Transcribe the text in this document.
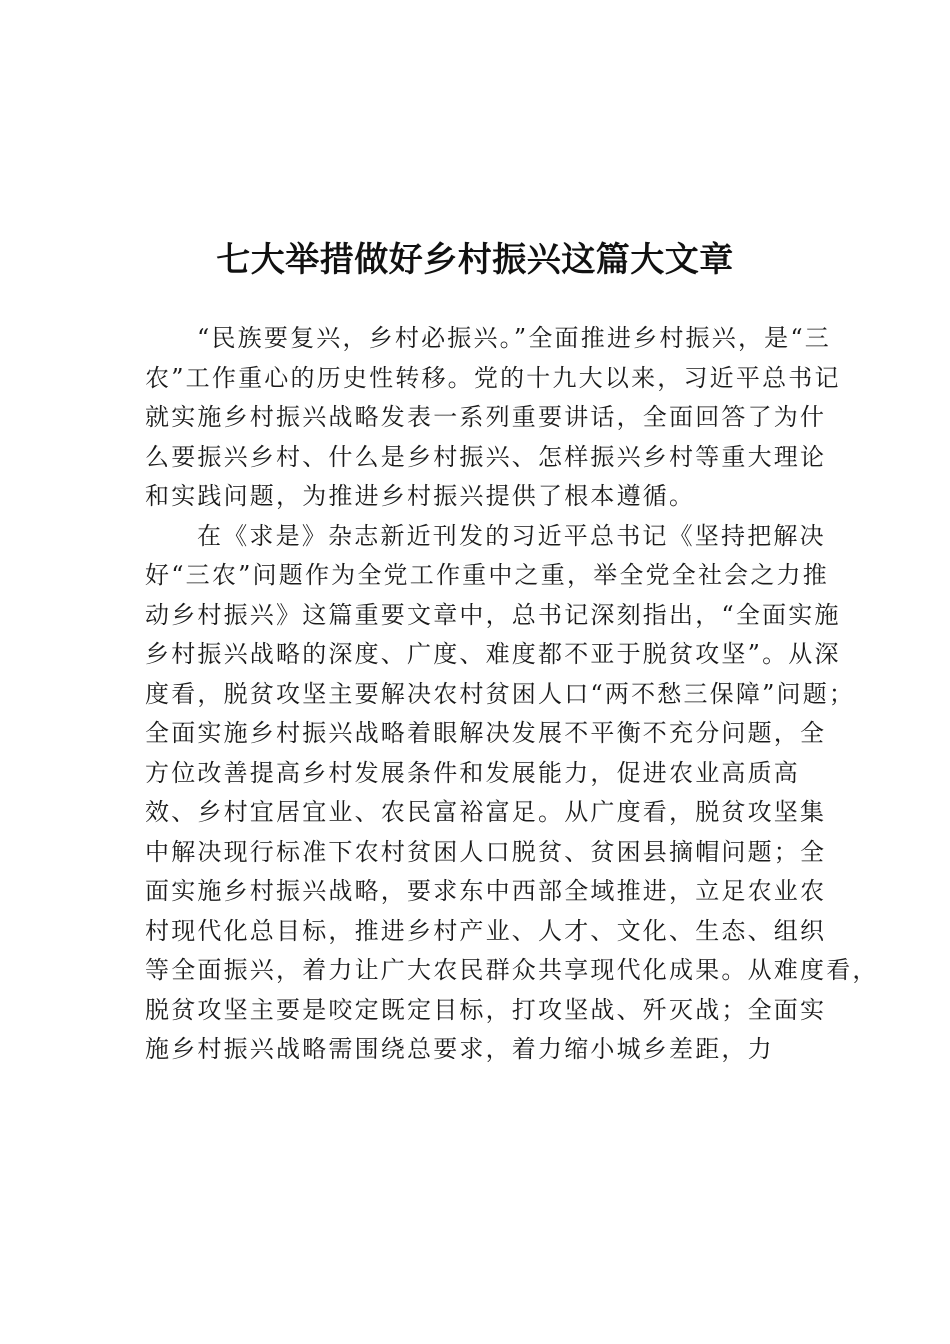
七大举措做好乡村振兴这篇大文章
“民族要复兴，乡村必振兴。”全面推进乡村振兴，是“三
农”工作重心的历史性转移。党的十九大以来，习近平总书记
就实施乡村振兴战略发表一系列重要讲话，全面回答了为什
么要振兴乡村、什么是乡村振兴、怎样振兴乡村等重大理论
和实践问题，为推进乡村振兴提供了根本遵循。
在《求是》杂志新近刊发的习近平总书记《坚持把解决
好“三农”问题作为全党工作重中之重，举全党全社会之力推
动乡村振兴》这篇重要文章中，总书记深刻指出，“全面实施
乡村振兴战略的深度、广度、难度都不亚于脱贫攻坚”。从深
度看，脱贫攻坚主要解决农村贫困人口“两不愁三保障”问题；
全面实施乡村振兴战略着眼解决发展不平衡不充分问题，全
方位改善提高乡村发展条件和发展能力，促进农业高质高
效、乡村宜居宜业、农民富裕富足。从广度看，脱贫攻坚集
中解决现行标准下农村贫困人口脱贫、贫困县摘帽问题；全
面实施乡村振兴战略，要求东中西部全域推进，立足农业农
村现代化总目标，推进乡村产业、人才、文化、生态、组织
等全面振兴，着力让广大农民群众共享现代化成果。从难度看，
脱贫攻坚主要是咬定既定目标，打攻坚战、歼灭战；全面实
施乡村振兴战略需围绕总要求，着力缩小城乡差距，力
